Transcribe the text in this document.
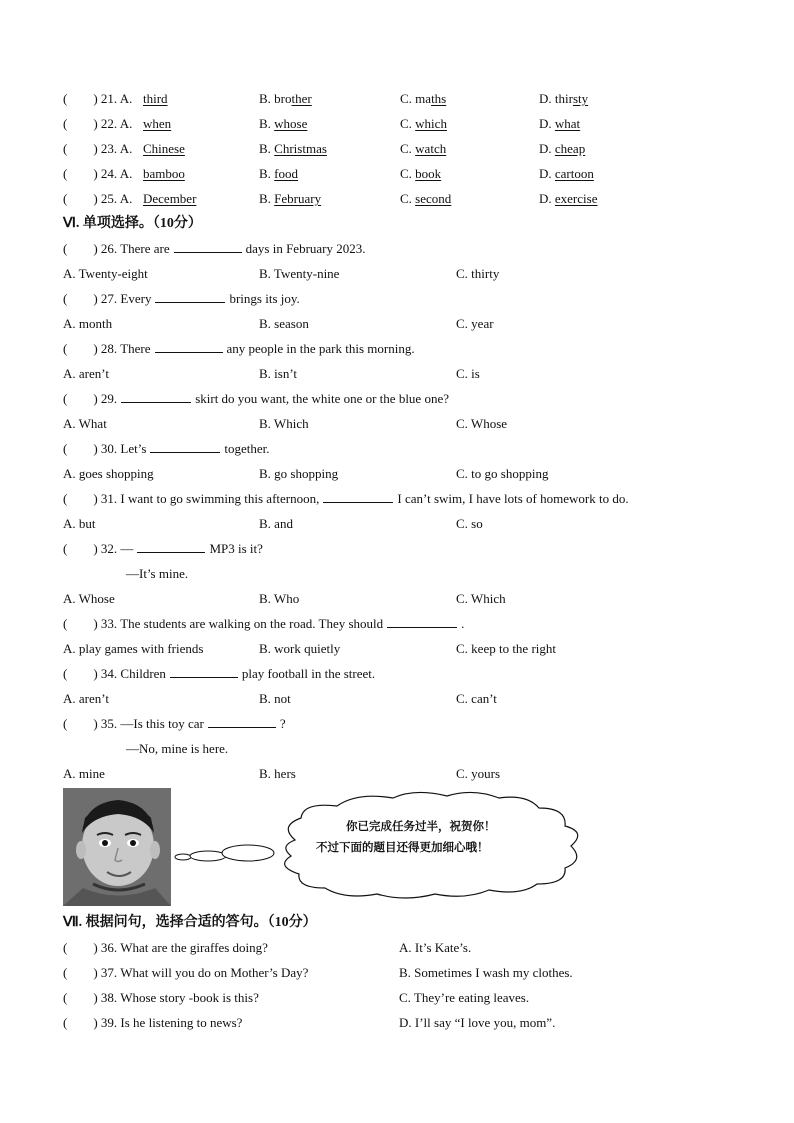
( ) 21. A. third	B. brother	C. maths	D. thirsty
( ) 22. A. when	B. whose	C. which	D. what
( ) 23. A. Chinese	B. Christmas	C. watch	D. cheap
( ) 24. A. bamboo	B. food	C. book	D. cartoon
( ) 25. A. December	B. February	C. second	D. exercise
Ⅵ. 单项选择。（10分）
( ) 26. There are	days in February 2023.
A. Twenty-eight	B. Twenty-nine	C. thirty
( ) 27. Every	brings its joy.
A. month	B. season	C. year
( ) 28. There	any people in the park this morning.
A. aren’t	B. isn’t	C. is
( ) 29.	skirt do you want, the white one or the blue one?
A. What	B. Which	C. Whose
( ) 30. Let’s	together.
A. goes shopping	B. go shopping	C. to go shopping
( ) 31. I want to go swimming this afternoon,	I can’t swim, I have lots of homework to do.
A. but	B. and	C. so
( ) 32. —	MP3 is it?
—It’s mine.
A. Whose	B. Who	C. Which
( ) 33. The students are walking on the road. They should	.
A. play games with friends	B. work quietly	C. keep to the right
( ) 34. Children	play football in the street.
A. aren’t	B. not	C. can’t
( ) 35. —Is this toy car	?
—No, mine is here.
A. mine	B. hers	C. yours
你已完成任务过半，祝贺你！
不过下面的题目还得更加细心哦！
Ⅶ. 根据问句，选择合适的答句。（10分）
( ) 36. What are the giraffes doing?	A. It’s Kate’s.
( ) 37. What will you do on Mother’s Day?	B. Sometimes I wash my clothes.
( ) 38. Whose story -book is this?	C. They’re eating leaves.
( ) 39. Is he listening to news?	D. I’ll say “I love you, mom”.
